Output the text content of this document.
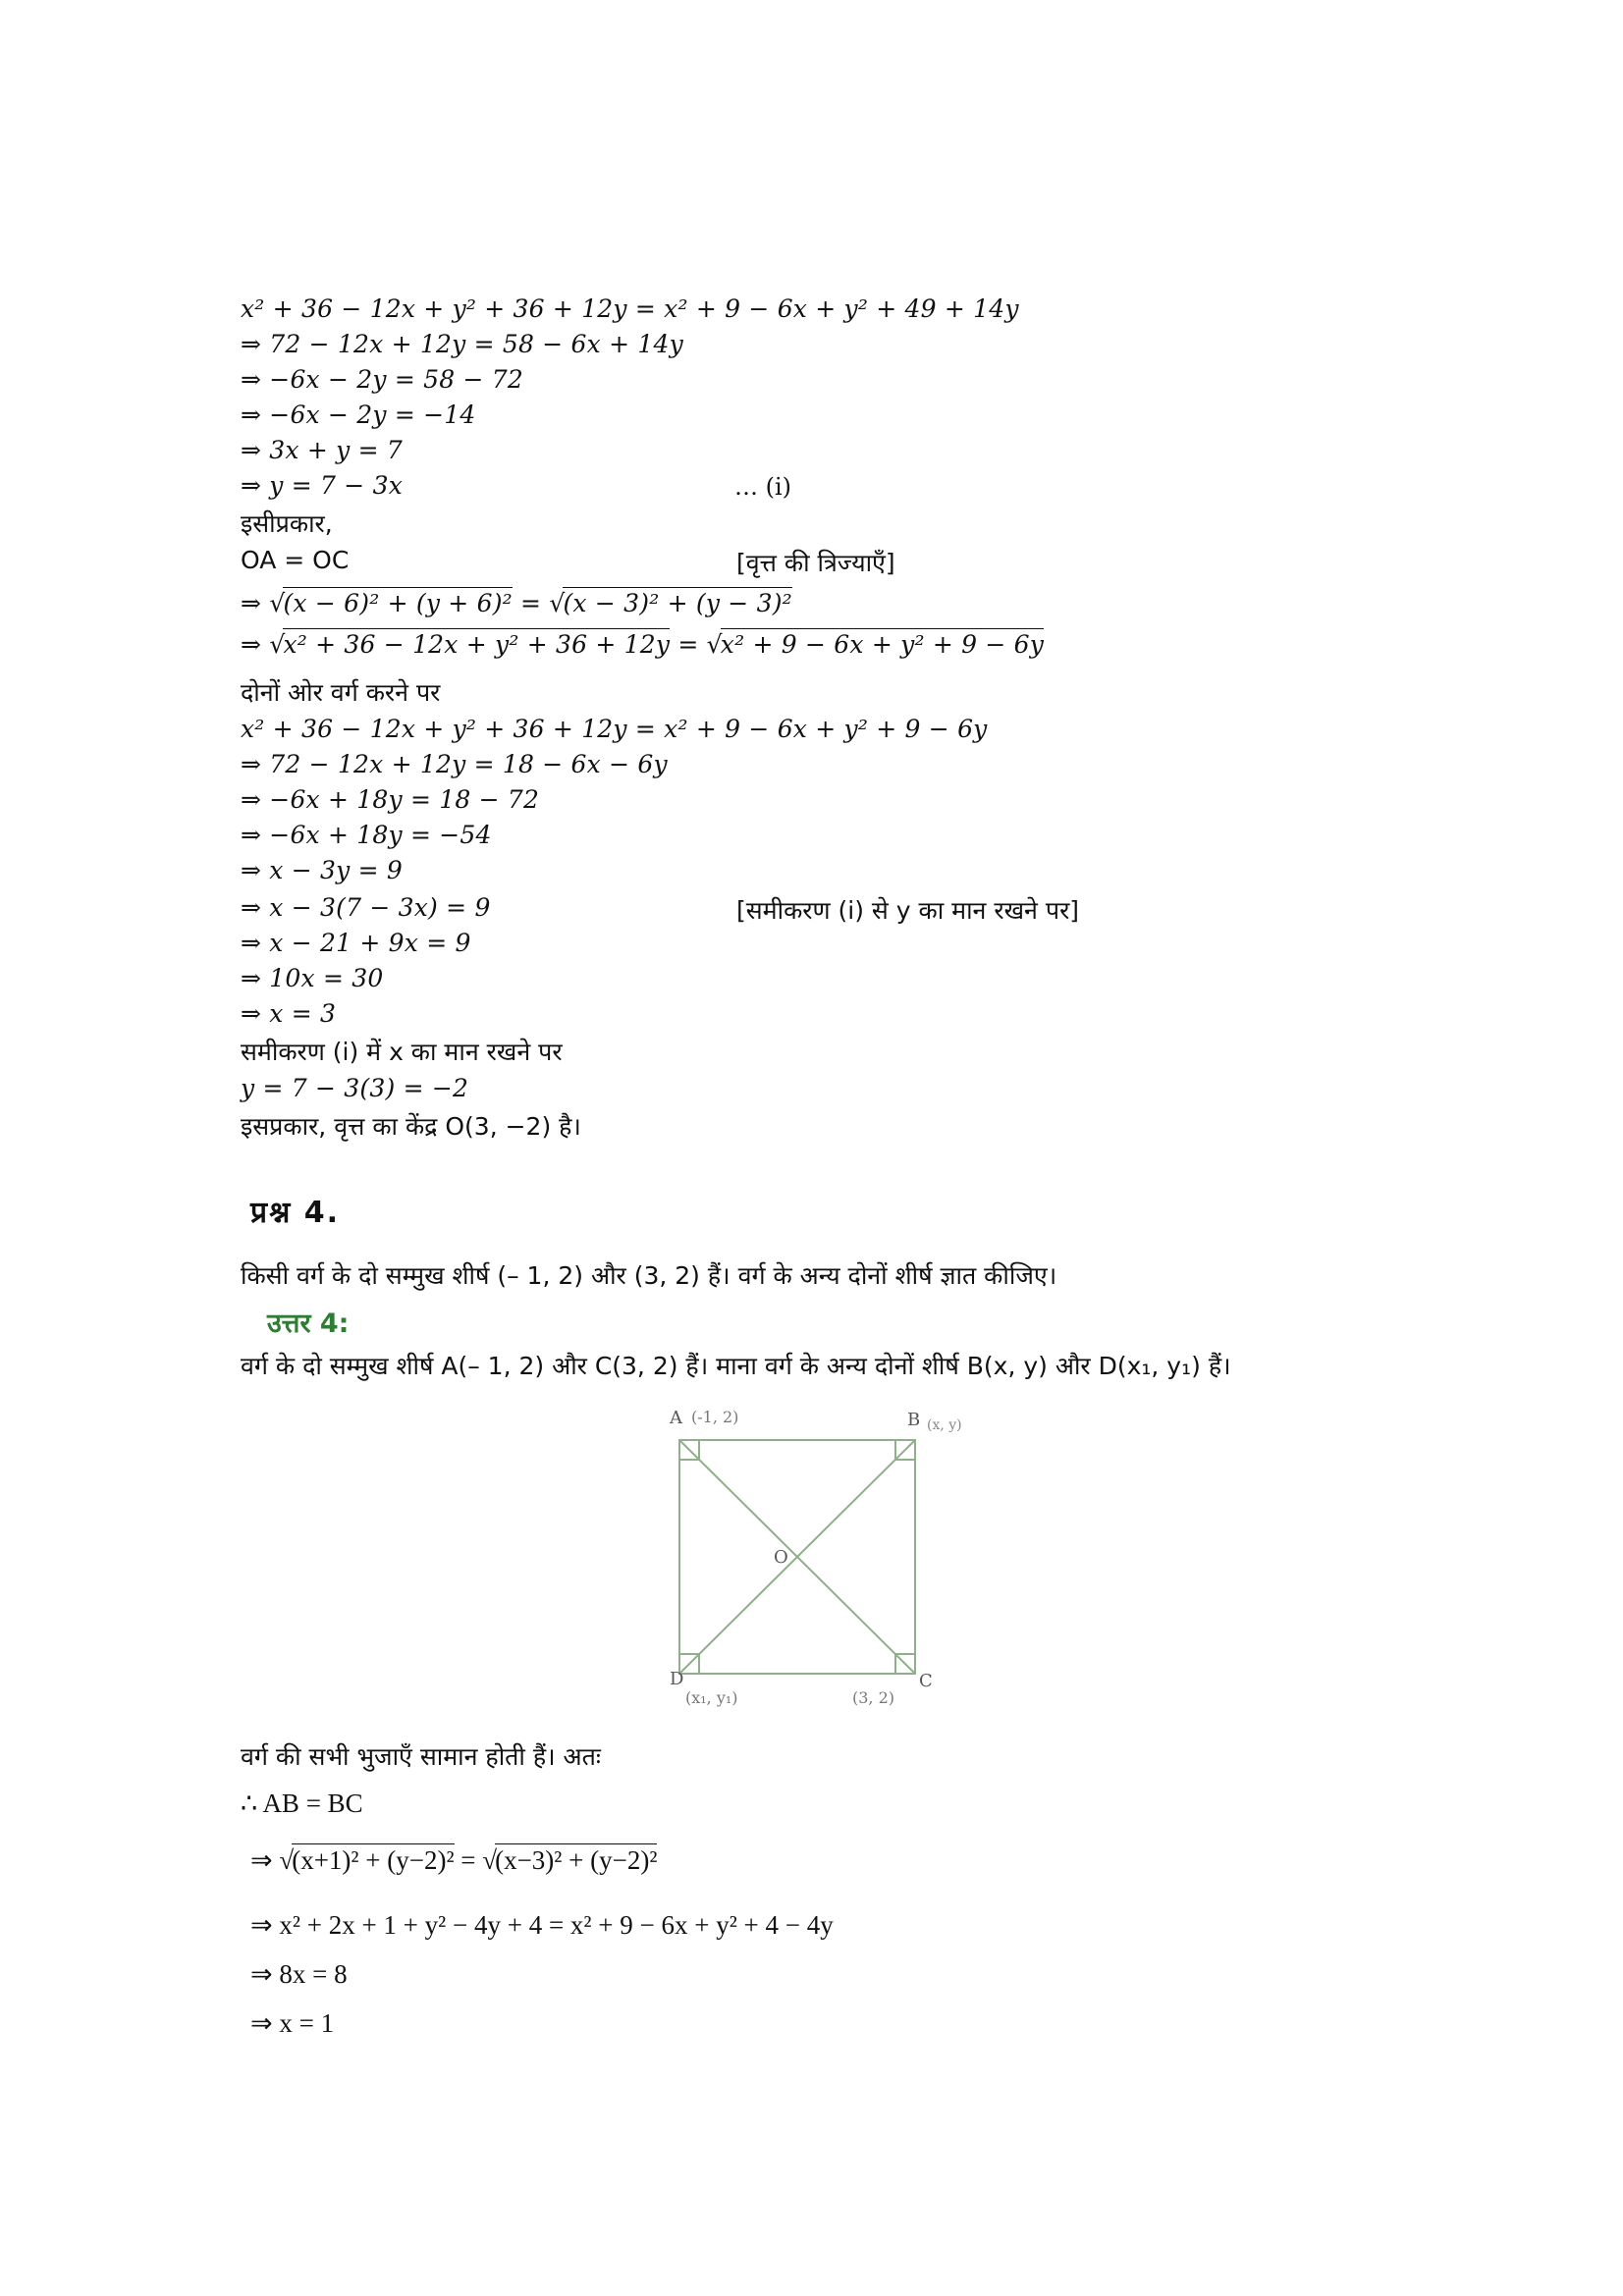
x² + 36 − 12x + y² + 36 + 12y = x² + 9 − 6x + y² + 49 + 14y
⇒ 72 − 12x + 12y = 58 − 6x + 14y
⇒ −6x − 2y = 58 − 72
⇒ −6x − 2y = −14
⇒ 3x + y = 7
⇒ y = 7 − 3x	… (i)
इसीप्रकार,
OA = OC	[वृत्त की त्रिज्याएँ]
⇒ √(x − 6)² + (y + 6)² = √(x − 3)² + (y − 3)²
⇒ √x² + 36 − 12x + y² + 36 + 12y = √x² + 9 − 6x + y² + 9 − 6y
दोनों ओर वर्ग करने पर
x² + 36 − 12x + y² + 36 + 12y = x² + 9 − 6x + y² + 9 − 6y
⇒ 72 − 12x + 12y = 18 − 6x − 6y
⇒ −6x + 18y = 18 − 72
⇒ −6x + 18y = −54
⇒ x − 3y = 9
⇒ x − 3(7 − 3x) = 9	[समीकरण (i) से y का मान रखने पर]
⇒ x − 21 + 9x = 9
⇒ 10x = 30
⇒ x = 3
समीकरण (i) में x का मान रखने पर
y = 7 − 3(3) = −2
इसप्रकार, वृत्त का केंद्र O(3, −2) है।
प्रश्न 4.
किसी वर्ग के दो सम्मुख शीर्ष (– 1, 2) और (3, 2) हैं। वर्ग के अन्य दोनों शीर्ष ज्ञात कीजिए।
उत्तर 4:
वर्ग के दो सम्मुख शीर्ष A(– 1, 2) और C(3, 2) हैं। माना वर्ग के अन्य दोनों शीर्ष B(x, y) और D(x₁, y₁) हैं।
A (-1, 2)	B (x, y)
C
(3, 2)
D
(x₁, y₁)
O
वर्ग की सभी भुजाएँ सामान होती हैं। अतः
∴ AB = BC
⇒ √(x+1)² + (y−2)² = √(x−3)² + (y−2)²
⇒ x² + 2x + 1 + y² − 4y + 4 = x² + 9 − 6x + y² + 4 − 4y
⇒ 8x = 8
⇒ x = 1
